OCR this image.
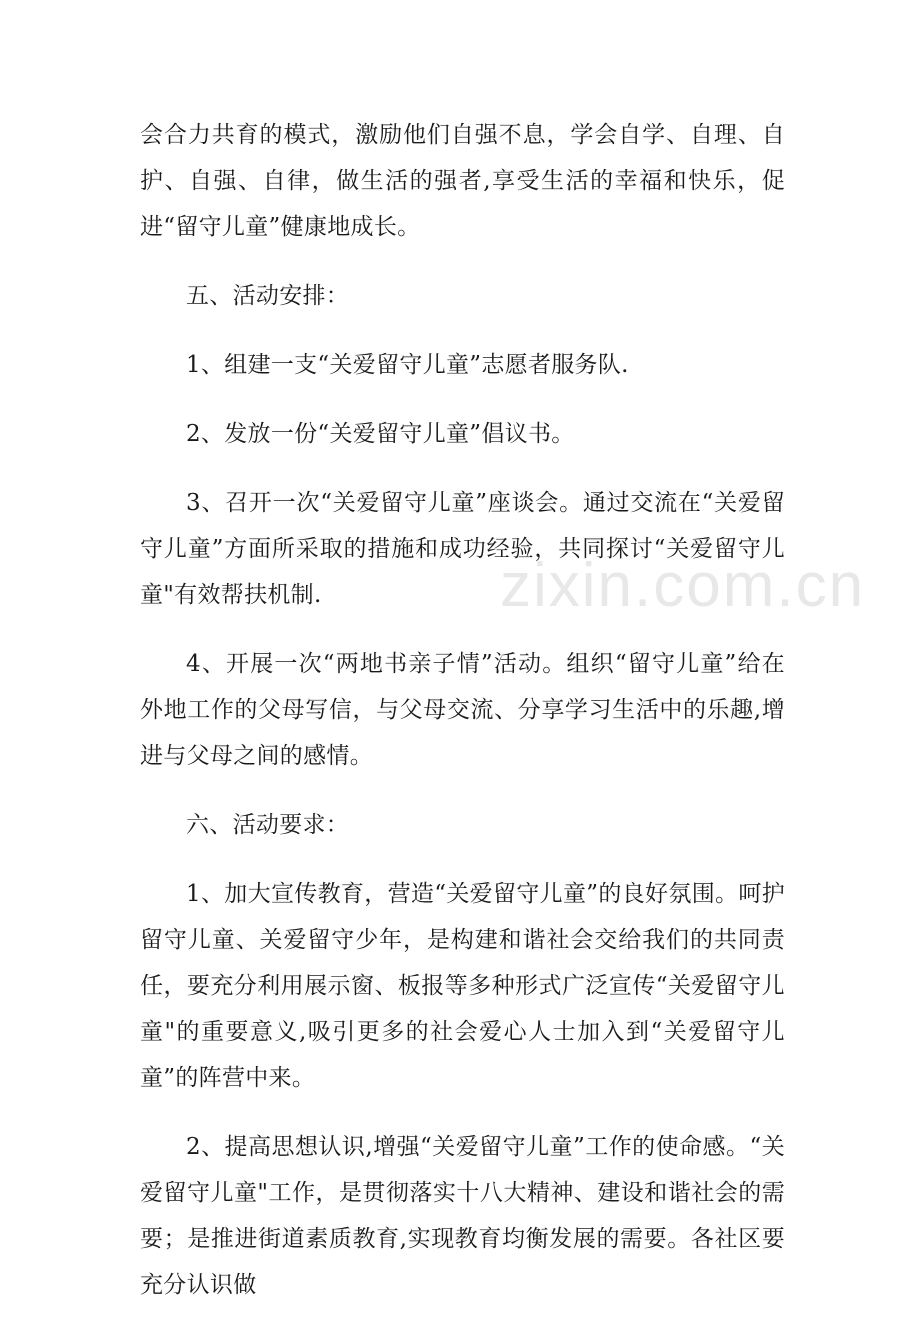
会合力共育的模式，激励他们自强不息，学会自学、自理、自护、自强、自律，做生活的强者,享受生活的幸福和快乐，促进“留守儿童”健康地成长。

五、活动安排：

1、组建一支“关爱留守儿童”志愿者服务队.

2、发放一份“关爱留守儿童”倡议书。

3、召开一次“关爱留守儿童”座谈会。通过交流在“关爱留守儿童”方面所采取的措施和成功经验，共同探讨“关爱留守儿童"有效帮扶机制.

4、开展一次“两地书亲子情”活动。组织“留守儿童”给在外地工作的父母写信，与父母交流、分享学习生活中的乐趣,增进与父母之间的感情。

六、活动要求：

1、加大宣传教育，营造“关爱留守儿童”的良好氛围。呵护留守儿童、关爱留守少年，是构建和谐社会交给我们的共同责任，要充分利用展示窗、板报等多种形式广泛宣传“关爱留守儿童"的重要意义,吸引更多的社会爱心人士加入到“关爱留守儿童”的阵营中来。

2、提高思想认识,增强“关爱留守儿童”工作的使命感。“关爱留守儿童"工作，是贯彻落实十八大精神、建设和谐社会的需要；是推进街道素质教育,实现教育均衡发展的需要。各社区要充分认识做

zixin.com.cn
